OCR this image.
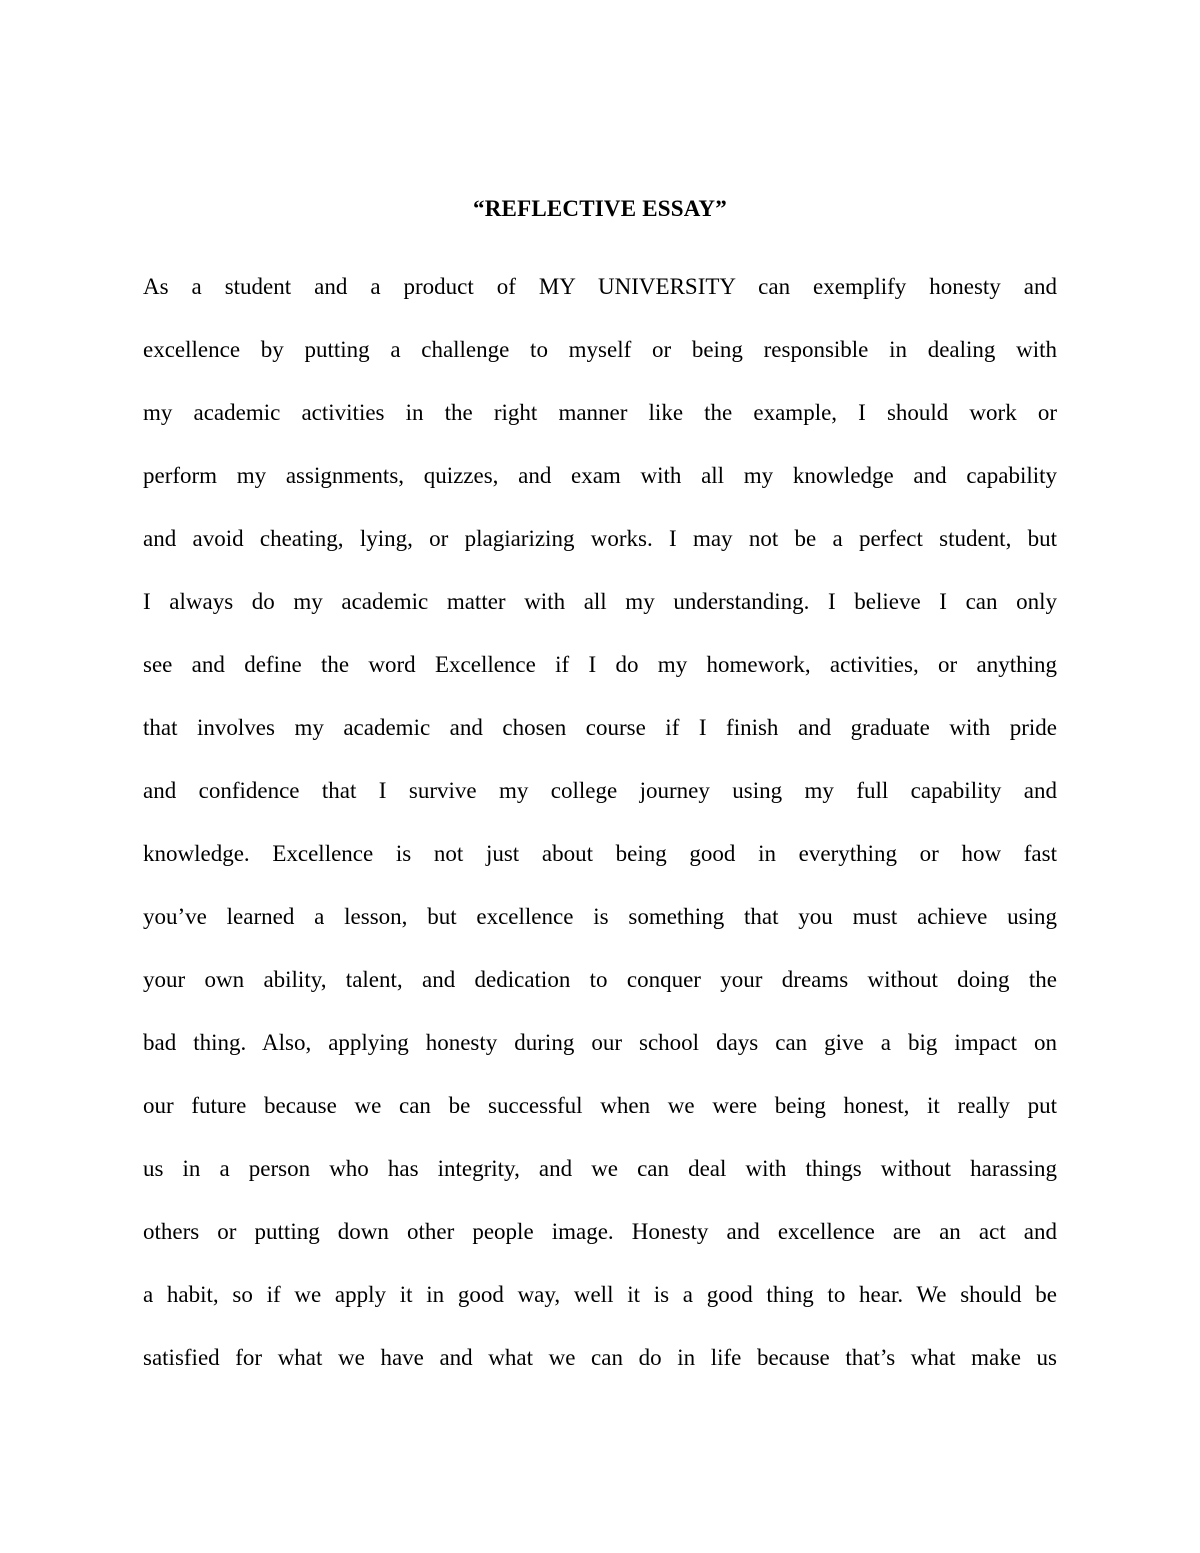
“REFLECTIVE ESSAY”
As a student and a product of MY UNIVERSITY can exemplify honesty and
excellence by putting a challenge to myself or being responsible in dealing with
my academic activities in the right manner like the example, I should work or
perform my assignments, quizzes, and exam with all my knowledge and capability
and avoid cheating, lying, or plagiarizing works. I may not be a perfect student, but
I always do my academic matter with all my understanding. I believe I can only
see and define the word Excellence if I do my homework, activities, or anything
that involves my academic and chosen course if I finish and graduate with pride
and confidence that I survive my college journey using my full capability and
knowledge. Excellence is not just about being good in everything or how fast
you’ve learned a lesson, but excellence is something that you must achieve using
your own ability, talent, and dedication to conquer your dreams without doing the
bad thing. Also, applying honesty during our school days can give a big impact on
our future because we can be successful when we were being honest, it really put
us in a person who has integrity, and we can deal with things without harassing
others or putting down other people image. Honesty and excellence are an act and
a habit, so if we apply it in good way, well it is a good thing to hear. We should be
satisfied for what we have and what we can do in life because that’s what make us
